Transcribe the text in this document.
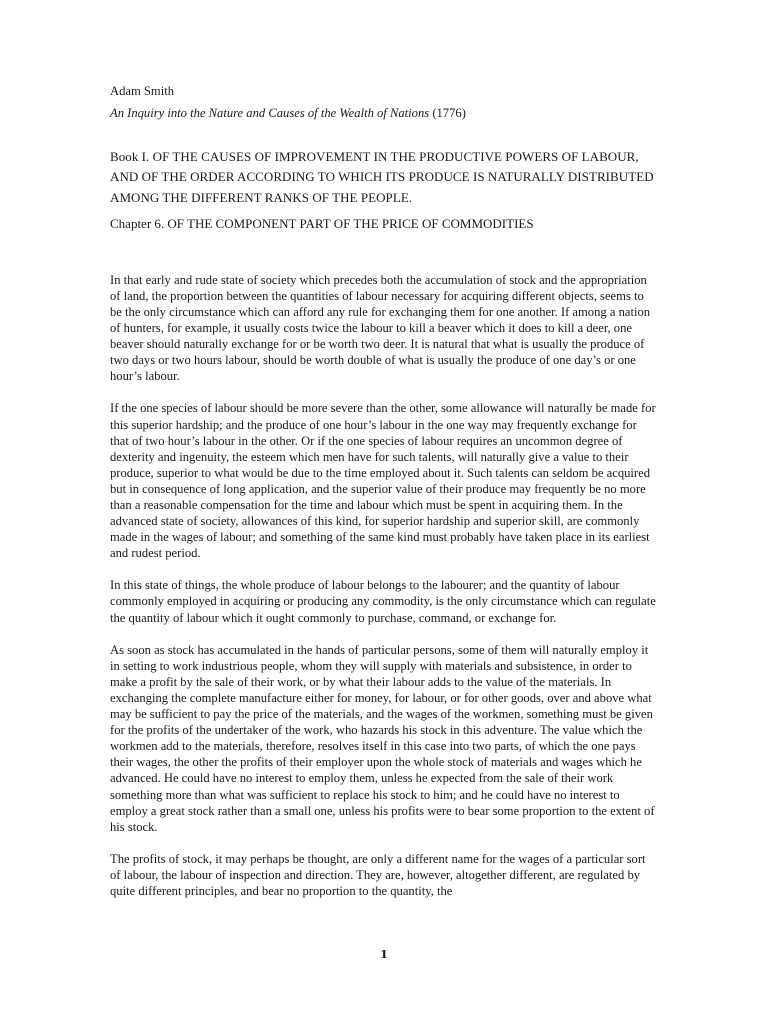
Adam Smith

An Inquiry into the Nature and Causes of the Wealth of Nations (1776)

Book I. OF THE CAUSES OF IMPROVEMENT IN THE PRODUCTIVE POWERS OF LABOUR, AND OF THE ORDER ACCORDING TO WHICH ITS PRODUCE IS NATURALLY DISTRIBUTED AMONG THE DIFFERENT RANKS OF THE PEOPLE.

Chapter 6. OF THE COMPONENT PART OF THE PRICE OF COMMODITIES

In that early and rude state of society which precedes both the accumulation of stock and the appropriation of land, the proportion between the quantities of labour necessary for acquiring different objects, seems to be the only circumstance which can afford any rule for exchanging them for one another. If among a nation of hunters, for example, it usually costs twice the labour to kill a beaver which it does to kill a deer, one beaver should naturally exchange for or be worth two deer. It is natural that what is usually the produce of two days or two hours labour, should be worth double of what is usually the produce of one day’s or one hour’s labour.

If the one species of labour should be more severe than the other, some allowance will naturally be made for this superior hardship; and the produce of one hour’s labour in the one way may frequently exchange for that of two hour’s labour in the other. Or if the one species of labour requires an uncommon degree of dexterity and ingenuity, the esteem which men have for such talents, will naturally give a value to their produce, superior to what would be due to the time employed about it. Such talents can seldom be acquired but in consequence of long application, and the superior value of their produce may frequently be no more than a reasonable compensation for the time and labour which must be spent in acquiring them. In the advanced state of society, allowances of this kind, for superior hardship and superior skill, are commonly made in the wages of labour; and something of the same kind must probably have taken place in its earliest and rudest period.

In this state of things, the whole produce of labour belongs to the labourer; and the quantity of labour commonly employed in acquiring or producing any commodity, is the only circumstance which can regulate the quantity of labour which it ought commonly to purchase, command, or exchange for.

As soon as stock has accumulated in the hands of particular persons, some of them will naturally employ it in setting to work industrious people, whom they will supply with materials and subsistence, in order to make a profit by the sale of their work, or by what their labour adds to the value of the materials. In exchanging the complete manufacture either for money, for labour, or for other goods, over and above what may be sufficient to pay the price of the materials, and the wages of the workmen, something must be given for the profits of the undertaker of the work, who hazards his stock in this adventure. The value which the workmen add to the materials, therefore, resolves itself in this case into two parts, of which the one pays their wages, the other the profits of their employer upon the whole stock of materials and wages which he advanced. He could have no interest to employ them, unless he expected from the sale of their work something more than what was sufficient to replace his stock to him; and he could have no interest to employ a great stock rather than a small one, unless his profits were to bear some proportion to the extent of his stock.

The profits of stock, it may perhaps be thought, are only a different name for the wages of a particular sort of labour, the labour of inspection and direction. They are, however, altogether different, are regulated by quite different principles, and bear no proportion to the quantity, the

1
